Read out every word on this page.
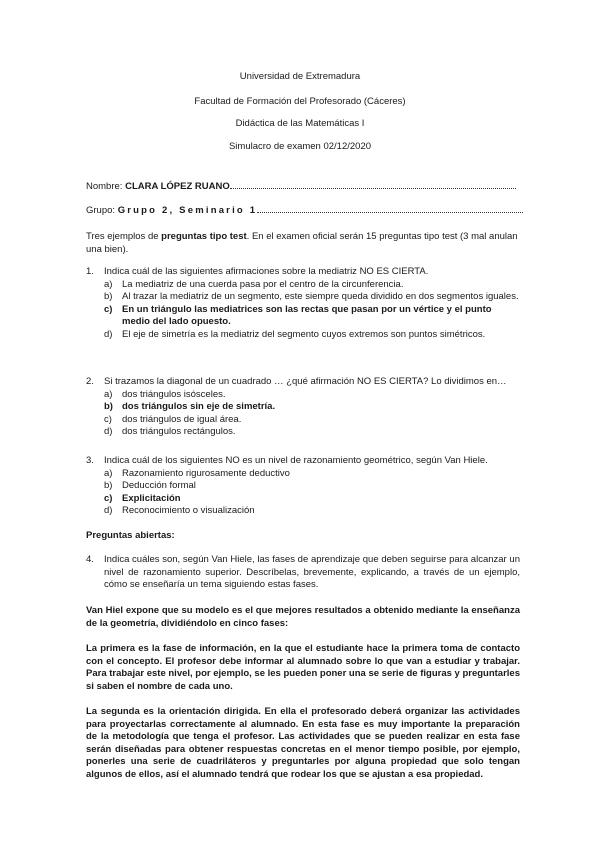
Universidad de Extremadura
Facultad de Formación del Profesorado (Cáceres)
Didáctica de las Matemáticas I
Simulacro de examen 02/12/2020
Nombre: CLARA LÓPEZ RUANO
Grupo: Grupo 2, Seminario 1
Tres ejemplos de preguntas tipo test. En el examen oficial serán 15 preguntas tipo test (3 mal anulan una bien).
1. Indica cuál de las siguientes afirmaciones sobre la mediatriz NO ES CIERTA.
a) La mediatriz de una cuerda pasa por el centro de la circunferencia.
b) Al trazar la mediatriz de un segmento, este siempre queda dividido en dos segmentos iguales.
c) En un triángulo las mediatrices son las rectas que pasan por un vértice y el punto medio del lado opuesto.
d) El eje de simetría es la mediatriz del segmento cuyos extremos son puntos simétricos.
2. Si trazamos la diagonal de un cuadrado … ¿qué afirmación NO ES CIERTA? Lo dividimos en…
a) dos triángulos isósceles.
b) dos triángulos sin eje de simetría.
c) dos triángulos de igual área.
d) dos triángulos rectángulos.
3. Indica cuál de los siguientes NO es un nivel de razonamiento geométrico, según Van Hiele.
a) Razonamiento rigurosamente deductivo
b) Deducción formal
c) Explicitación
d) Reconocimiento o visualización
Preguntas abiertas:
4. Indica cuáles son, según Van Hiele, las fases de aprendizaje que deben seguirse para alcanzar un nivel de razonamiento superior. Descríbelas, brevemente, explicando, a través de un ejemplo, cómo se enseñaría un tema siguiendo estas fases.
Van Hiel expone que su modelo es el que mejores resultados a obtenido mediante la enseñanza de la geometría, dividiéndolo en cinco fases:
La primera es la fase de información, en la que el estudiante hace la primera toma de contacto con el concepto. El profesor debe informar al alumnado sobre lo que van a estudiar y trabajar. Para trabajar este nivel, por ejemplo, se les pueden poner una se serie de figuras y preguntarles si saben el nombre de cada uno.
La segunda es la orientación dirigida. En ella el profesorado deberá organizar las actividades para proyectarlas correctamente al alumnado. En esta fase es muy importante la preparación de la metodología que tenga el profesor. Las actividades que se pueden realizar en esta fase serán diseñadas para obtener respuestas concretas en el menor tiempo posible, por ejemplo, ponerles una serie de cuadriláteros y preguntarles por alguna propiedad que solo tengan algunos de ellos, así el alumnado tendrá que rodear los que se ajustan a esa propiedad.
